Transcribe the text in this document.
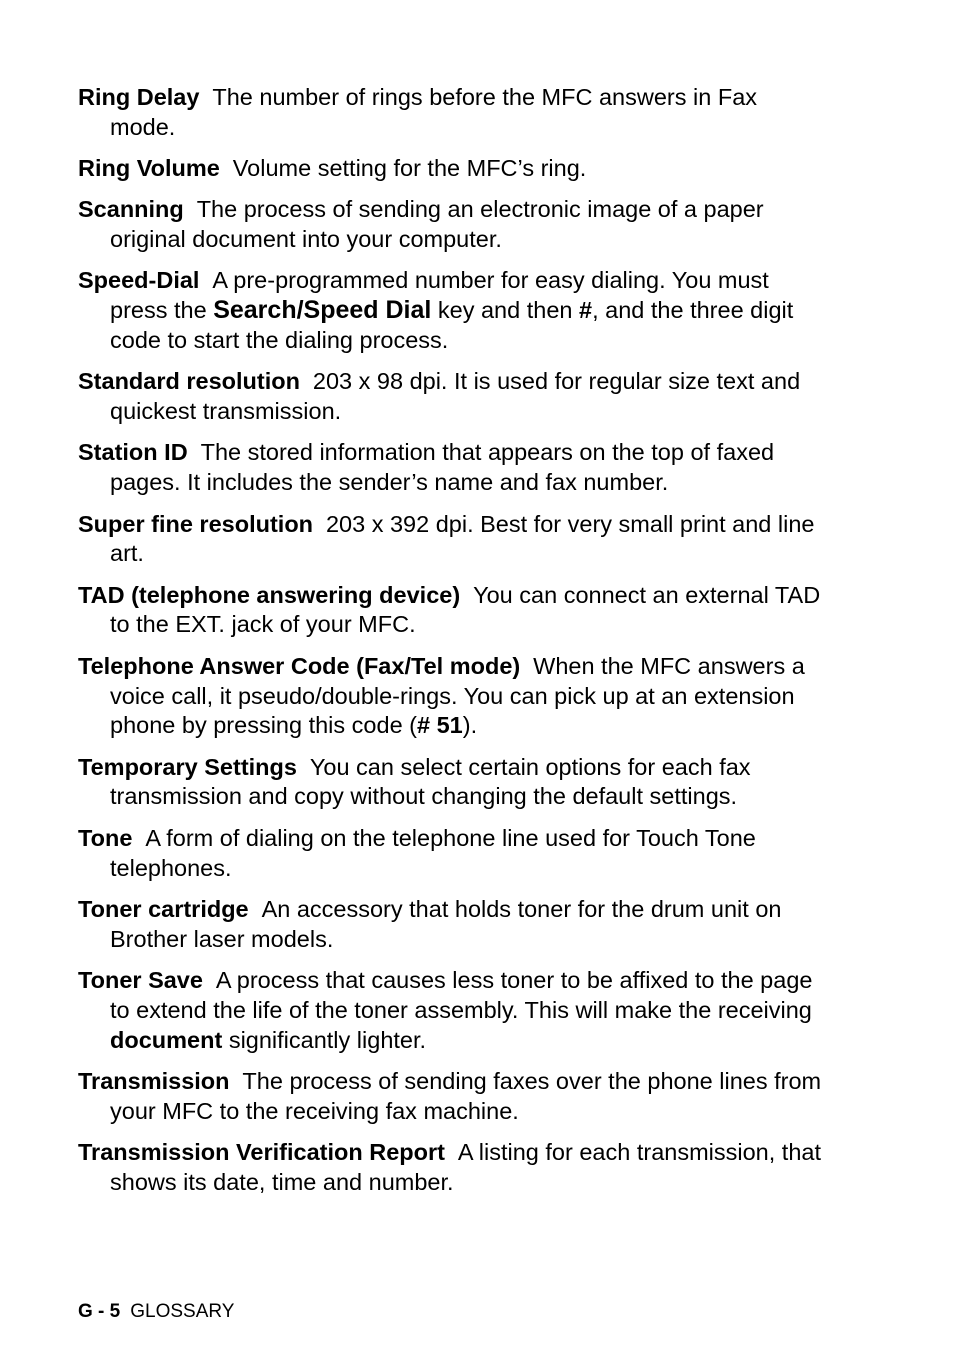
Ring Delay The number of rings before the MFC answers in Fax mode.

Ring Volume Volume setting for the MFC’s ring.

Scanning The process of sending an electronic image of a paper original document into your computer.

Speed-Dial A pre-programmed number for easy dialing. You must press the Search/Speed Dial key and then #, and the three digit code to start the dialing process.

Standard resolution 203 x 98 dpi. It is used for regular size text and quickest transmission.

Station ID The stored information that appears on the top of faxed pages. It includes the sender’s name and fax number.

Super fine resolution 203 x 392 dpi. Best for very small print and line art.

TAD (telephone answering device) You can connect an external TAD to the EXT. jack of your MFC.

Telephone Answer Code (Fax/Tel mode) When the MFC answers a voice call, it pseudo/double-rings. You can pick up at an extension phone by pressing this code (# 51).

Temporary Settings You can select certain options for each fax transmission and copy without changing the default settings.

Tone A form of dialing on the telephone line used for Touch Tone telephones.

Toner cartridge An accessory that holds toner for the drum unit on Brother laser models.

Toner Save A process that causes less toner to be affixed to the page to extend the life of the toner assembly. This will make the receiving document significantly lighter.

Transmission The process of sending faxes over the phone lines from your MFC to the receiving fax machine.

Transmission Verification Report A listing for each transmission, that shows its date, time and number.

G - 5 GLOSSARY
